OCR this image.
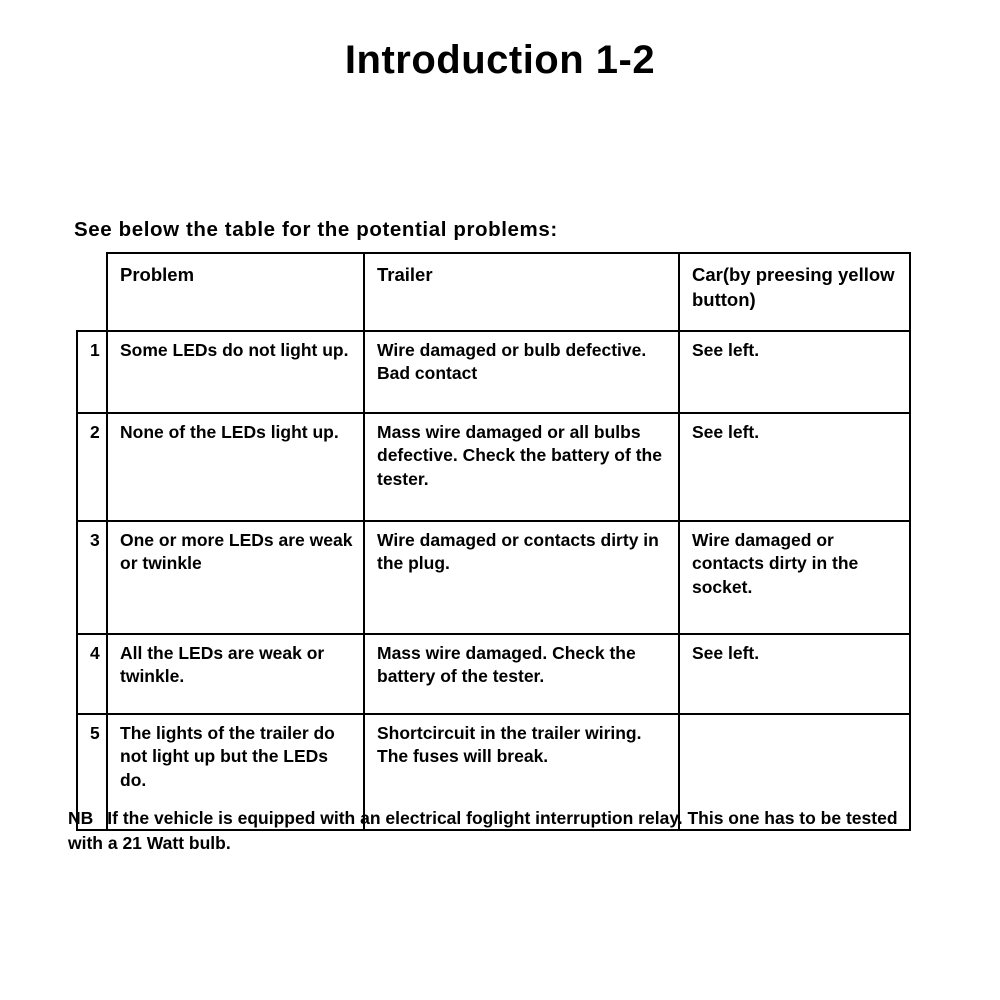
Introduction 1-2
See below the table for the potential problems:
	Problem	Trailer	Car(by preesing yellow button)
1	Some LEDs do not light up.	Wire damaged or bulb defective. Bad contact	See left.
2	None of the LEDs light up.	Mass wire damaged or all bulbs defective. Check the battery of the tester.	See left.
3	One or more LEDs are weak or twinkle	Wire damaged or contacts dirty in the plug.	Wire damaged or contacts dirty in the socket.
4	All the LEDs are weak or twinkle.	Mass wire damaged. Check the battery of the tester.	See left.
5	The lights of the trailer do not light up but the LEDs do.	Shortcircuit in the trailer wiring. The fuses will break.	
NB If the vehicle is equipped with an electrical foglight interruption relay. This one has to be tested with a 21 Watt bulb.
